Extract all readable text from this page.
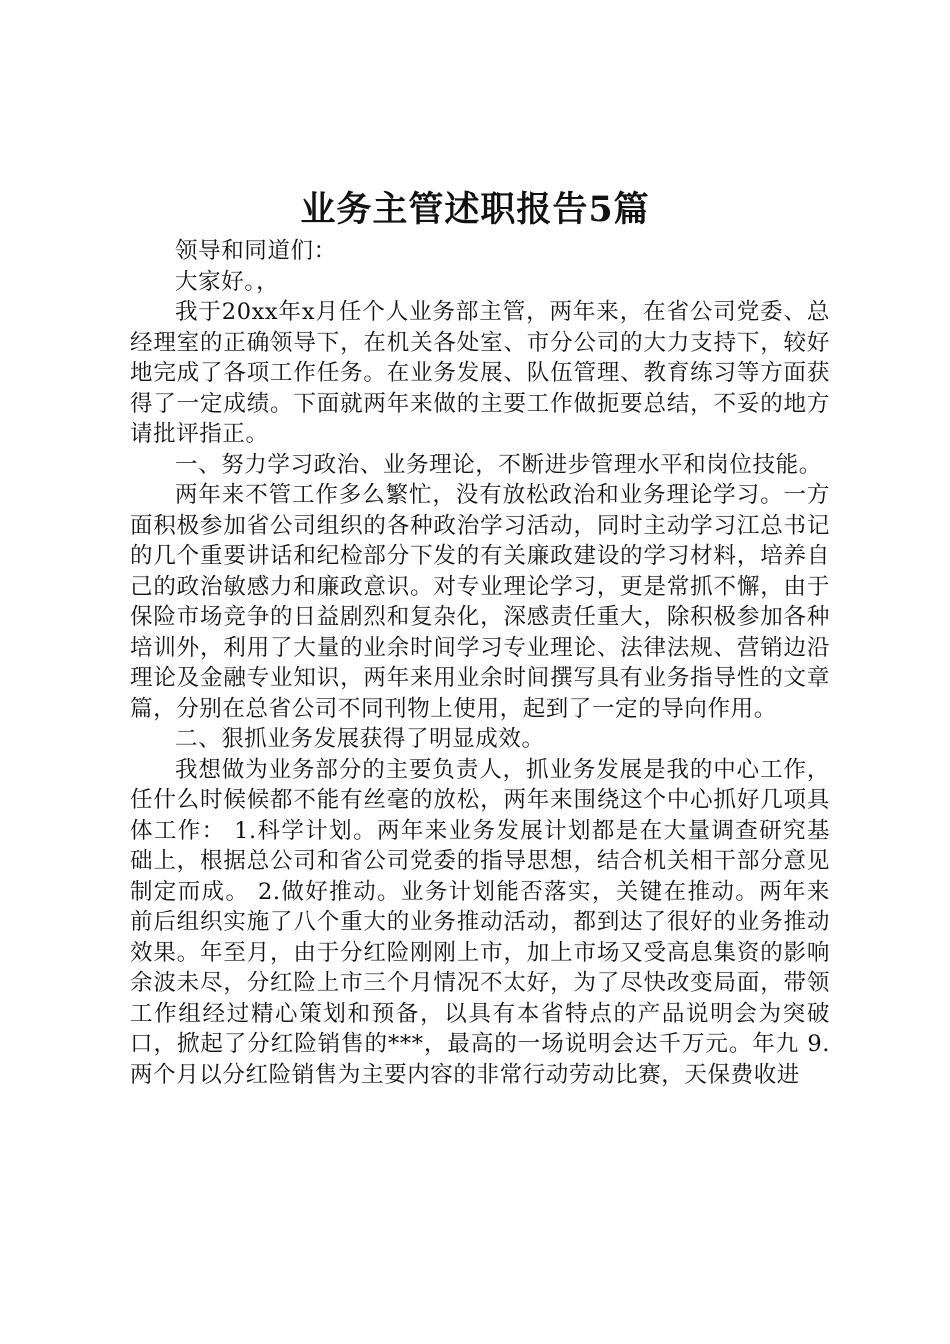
业务主管述职报告5篇

领导和同道们：

大家好。，

我于20xx年x月任个人业务部主管，两年来，在省公司党委、总经理室的正确领导下，在机关各处室、市分公司的大力支持下，较好地完成了各项工作任务。在业务发展、队伍管理、教育练习等方面获得了一定成绩。下面就两年来做的主要工作做扼要总结，不妥的地方请批评指正。

一、努力学习政治、业务理论，不断进步管理水平和岗位技能。

两年来不管工作多么繁忙，没有放松政治和业务理论学习。一方面积极参加省公司组织的各种政治学习活动，同时主动学习江总书记的几个重要讲话和纪检部分下发的有关廉政建设的学习材料，培养自己的政治敏感力和廉政意识。对专业理论学习，更是常抓不懈，由于保险市场竞争的日益剧烈和复杂化，深感责任重大，除积极参加各种培训外，利用了大量的业余时间学习专业理论、法律法规、营销边沿理论及金融专业知识，两年来用业余时间撰写具有业务指导性的文章篇，分别在总省公司不同刊物上使用，起到了一定的导向作用。

二、狠抓业务发展获得了明显成效。

我想做为业务部分的主要负责人，抓业务发展是我的中心工作，任什么时候候都不能有丝毫的放松，两年来围绕这个中心抓好几项具体工作： 1.科学计划。两年来业务发展计划都是在大量调查研究基础上，根据总公司和省公司党委的指导思想，结合机关相干部分意见制定而成。 2.做好推动。业务计划能否落实，关键在推动。两年来前后组织实施了八个重大的业务推动活动，都到达了很好的业务推动效果。年至月，由于分红险刚刚上市，加上市场又受高息集资的影响余波未尽，分红险上市三个月情况不太好，为了尽快改变局面，带领工作组经过精心策划和预备，以具有本省特点的产品说明会为突破口，掀起了分红险销售的***，最高的一场说明会达千万元。年九 9.两个月以分红险销售为主要内容的非常行动劳动比赛，天保费收进
